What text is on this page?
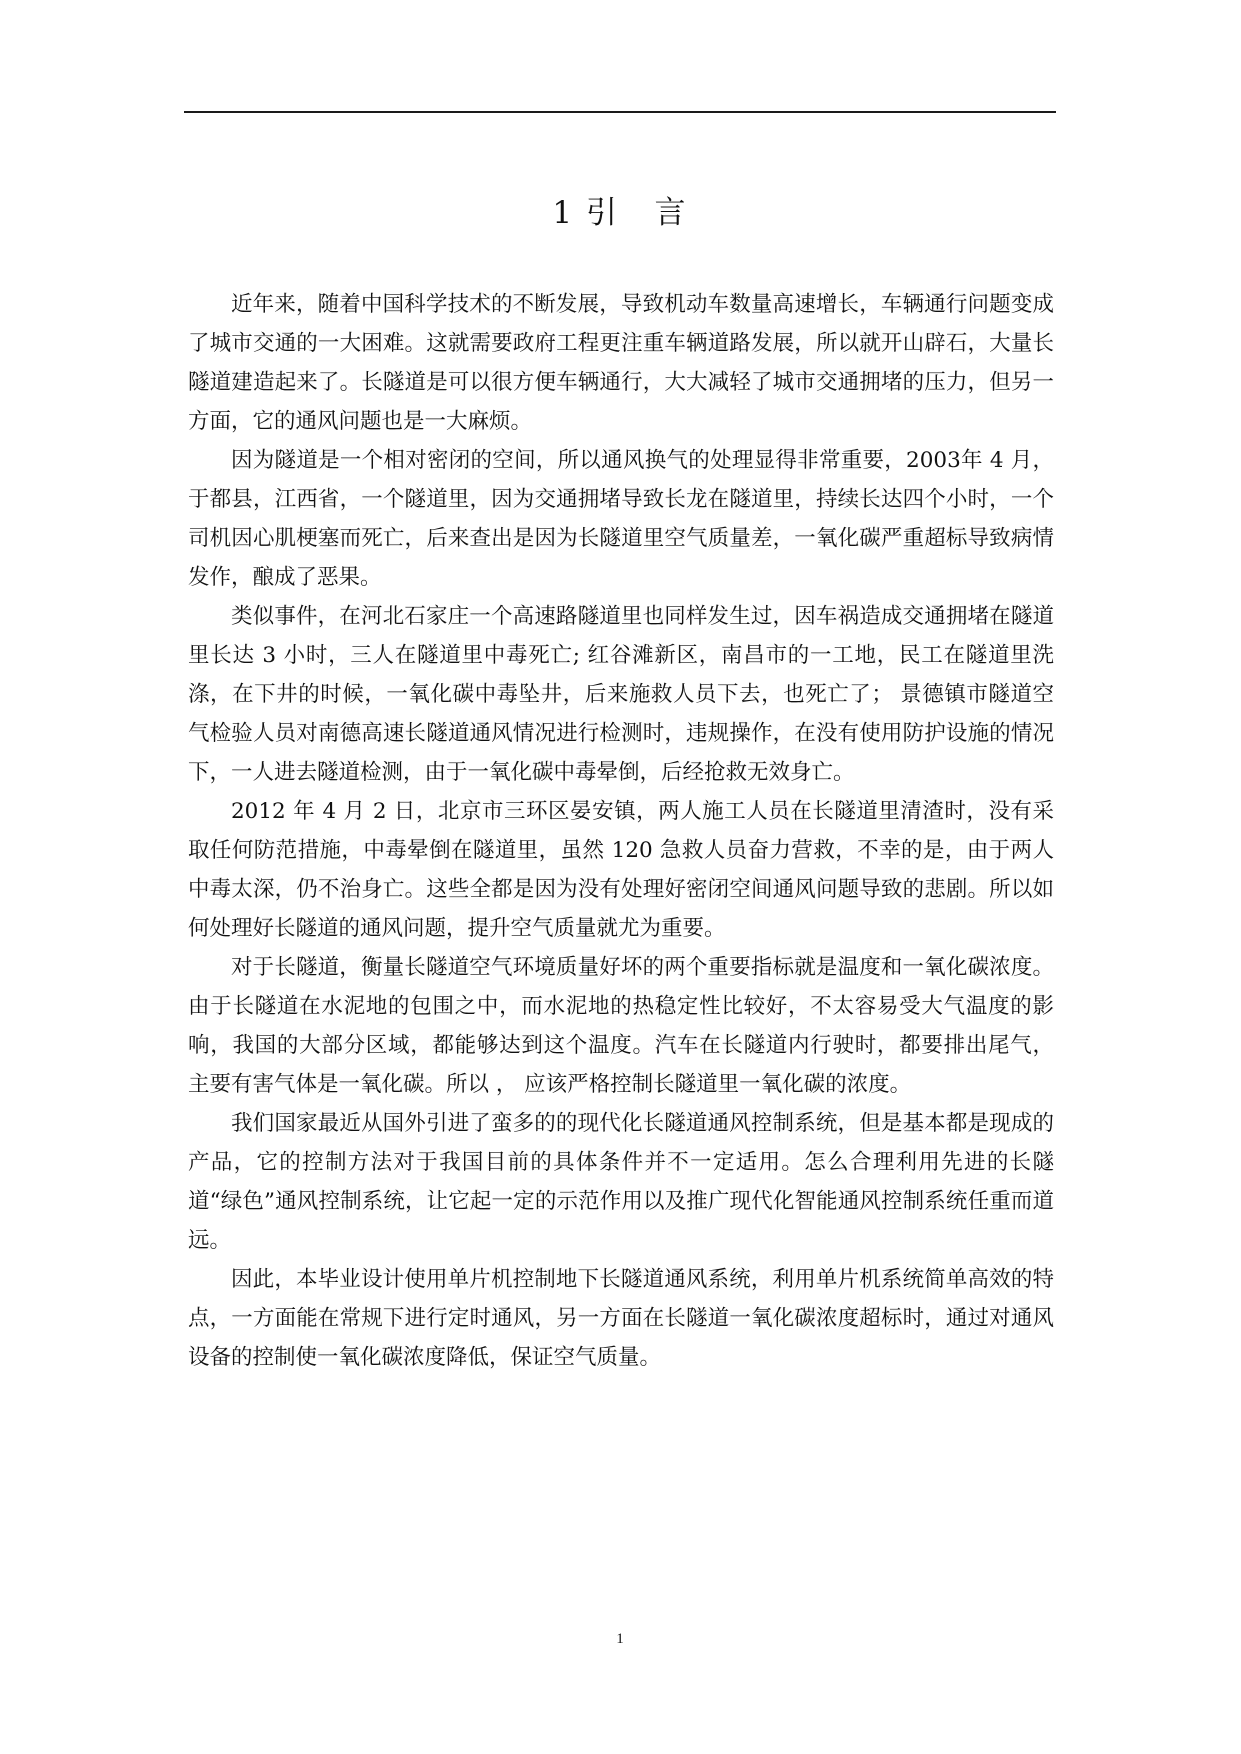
1 引   言

近年来，随着中国科学技术的不断发展，导致机动车数量高速增长，车辆通行问题变成了城市交通的一大困难。这就需要政府工程更注重车辆道路发展，所以就开山辟石，大量长隧道建造起来了。长隧道是可以很方便车辆通行，大大减轻了城市交通拥堵的压力，但另一方面，它的通风问题也是一大麻烦。

因为隧道是一个相对密闭的空间，所以通风换气的处理显得非常重要，2003年 4 月，于都县，江西省，一个隧道里，因为交通拥堵导致长龙在隧道里，持续长达四个小时，一个司机因心肌梗塞而死亡，后来查出是因为长隧道里空气质量差，一氧化碳严重超标导致病情发作，酿成了恶果。

类似事件，在河北石家庄一个高速路隧道里也同样发生过，因车祸造成交通拥堵在隧道里长达 3 小时，三人在隧道里中毒死亡; 红谷滩新区，南昌市的一工地，民工在隧道里洗涤，在下井的时候，一氧化碳中毒坠井，后来施救人员下去，也死亡了； 景德镇市隧道空气检验人员对南德高速长隧道通风情况进行检测时，违规操作，在没有使用防护设施的情况下，一人进去隧道检测，由于一氧化碳中毒晕倒，后经抢救无效身亡。

2012 年 4 月 2 日，北京市三环区晏安镇，两人施工人员在长隧道里清渣时，没有采取任何防范措施，中毒晕倒在隧道里，虽然 120 急救人员奋力营救，不幸的是，由于两人中毒太深，仍不治身亡。这些全都是因为没有处理好密闭空间通风问题导致的悲剧。所以如何处理好长隧道的通风问题，提升空气质量就尤为重要。

对于长隧道，衡量长隧道空气环境质量好坏的两个重要指标就是温度和一氧化碳浓度。由于长隧道在水泥地的包围之中，而水泥地的热稳定性比较好，不太容易受大气温度的影响，我国的大部分区域，都能够达到这个温度。汽车在长隧道内行驶时，都要排出尾气， 主要有害气体是一氧化碳。所以 ， 应该严格控制长隧道里一氧化碳的浓度。

我们国家最近从国外引进了蛮多的的现代化长隧道通风控制系统，但是基本都是现成的产品，它的控制方法对于我国目前的具体条件并不一定适用。怎么合理利用先进的长隧道“绿色”通风控制系统，让它起一定的示范作用以及推广现代化智能通风控制系统任重而道远。

因此，本毕业设计使用单片机控制地下长隧道通风系统，利用单片机系统简单高效的特点，一方面能在常规下进行定时通风，另一方面在长隧道一氧化碳浓度超标时，通过对通风设备的控制使一氧化碳浓度降低，保证空气质量。

1
